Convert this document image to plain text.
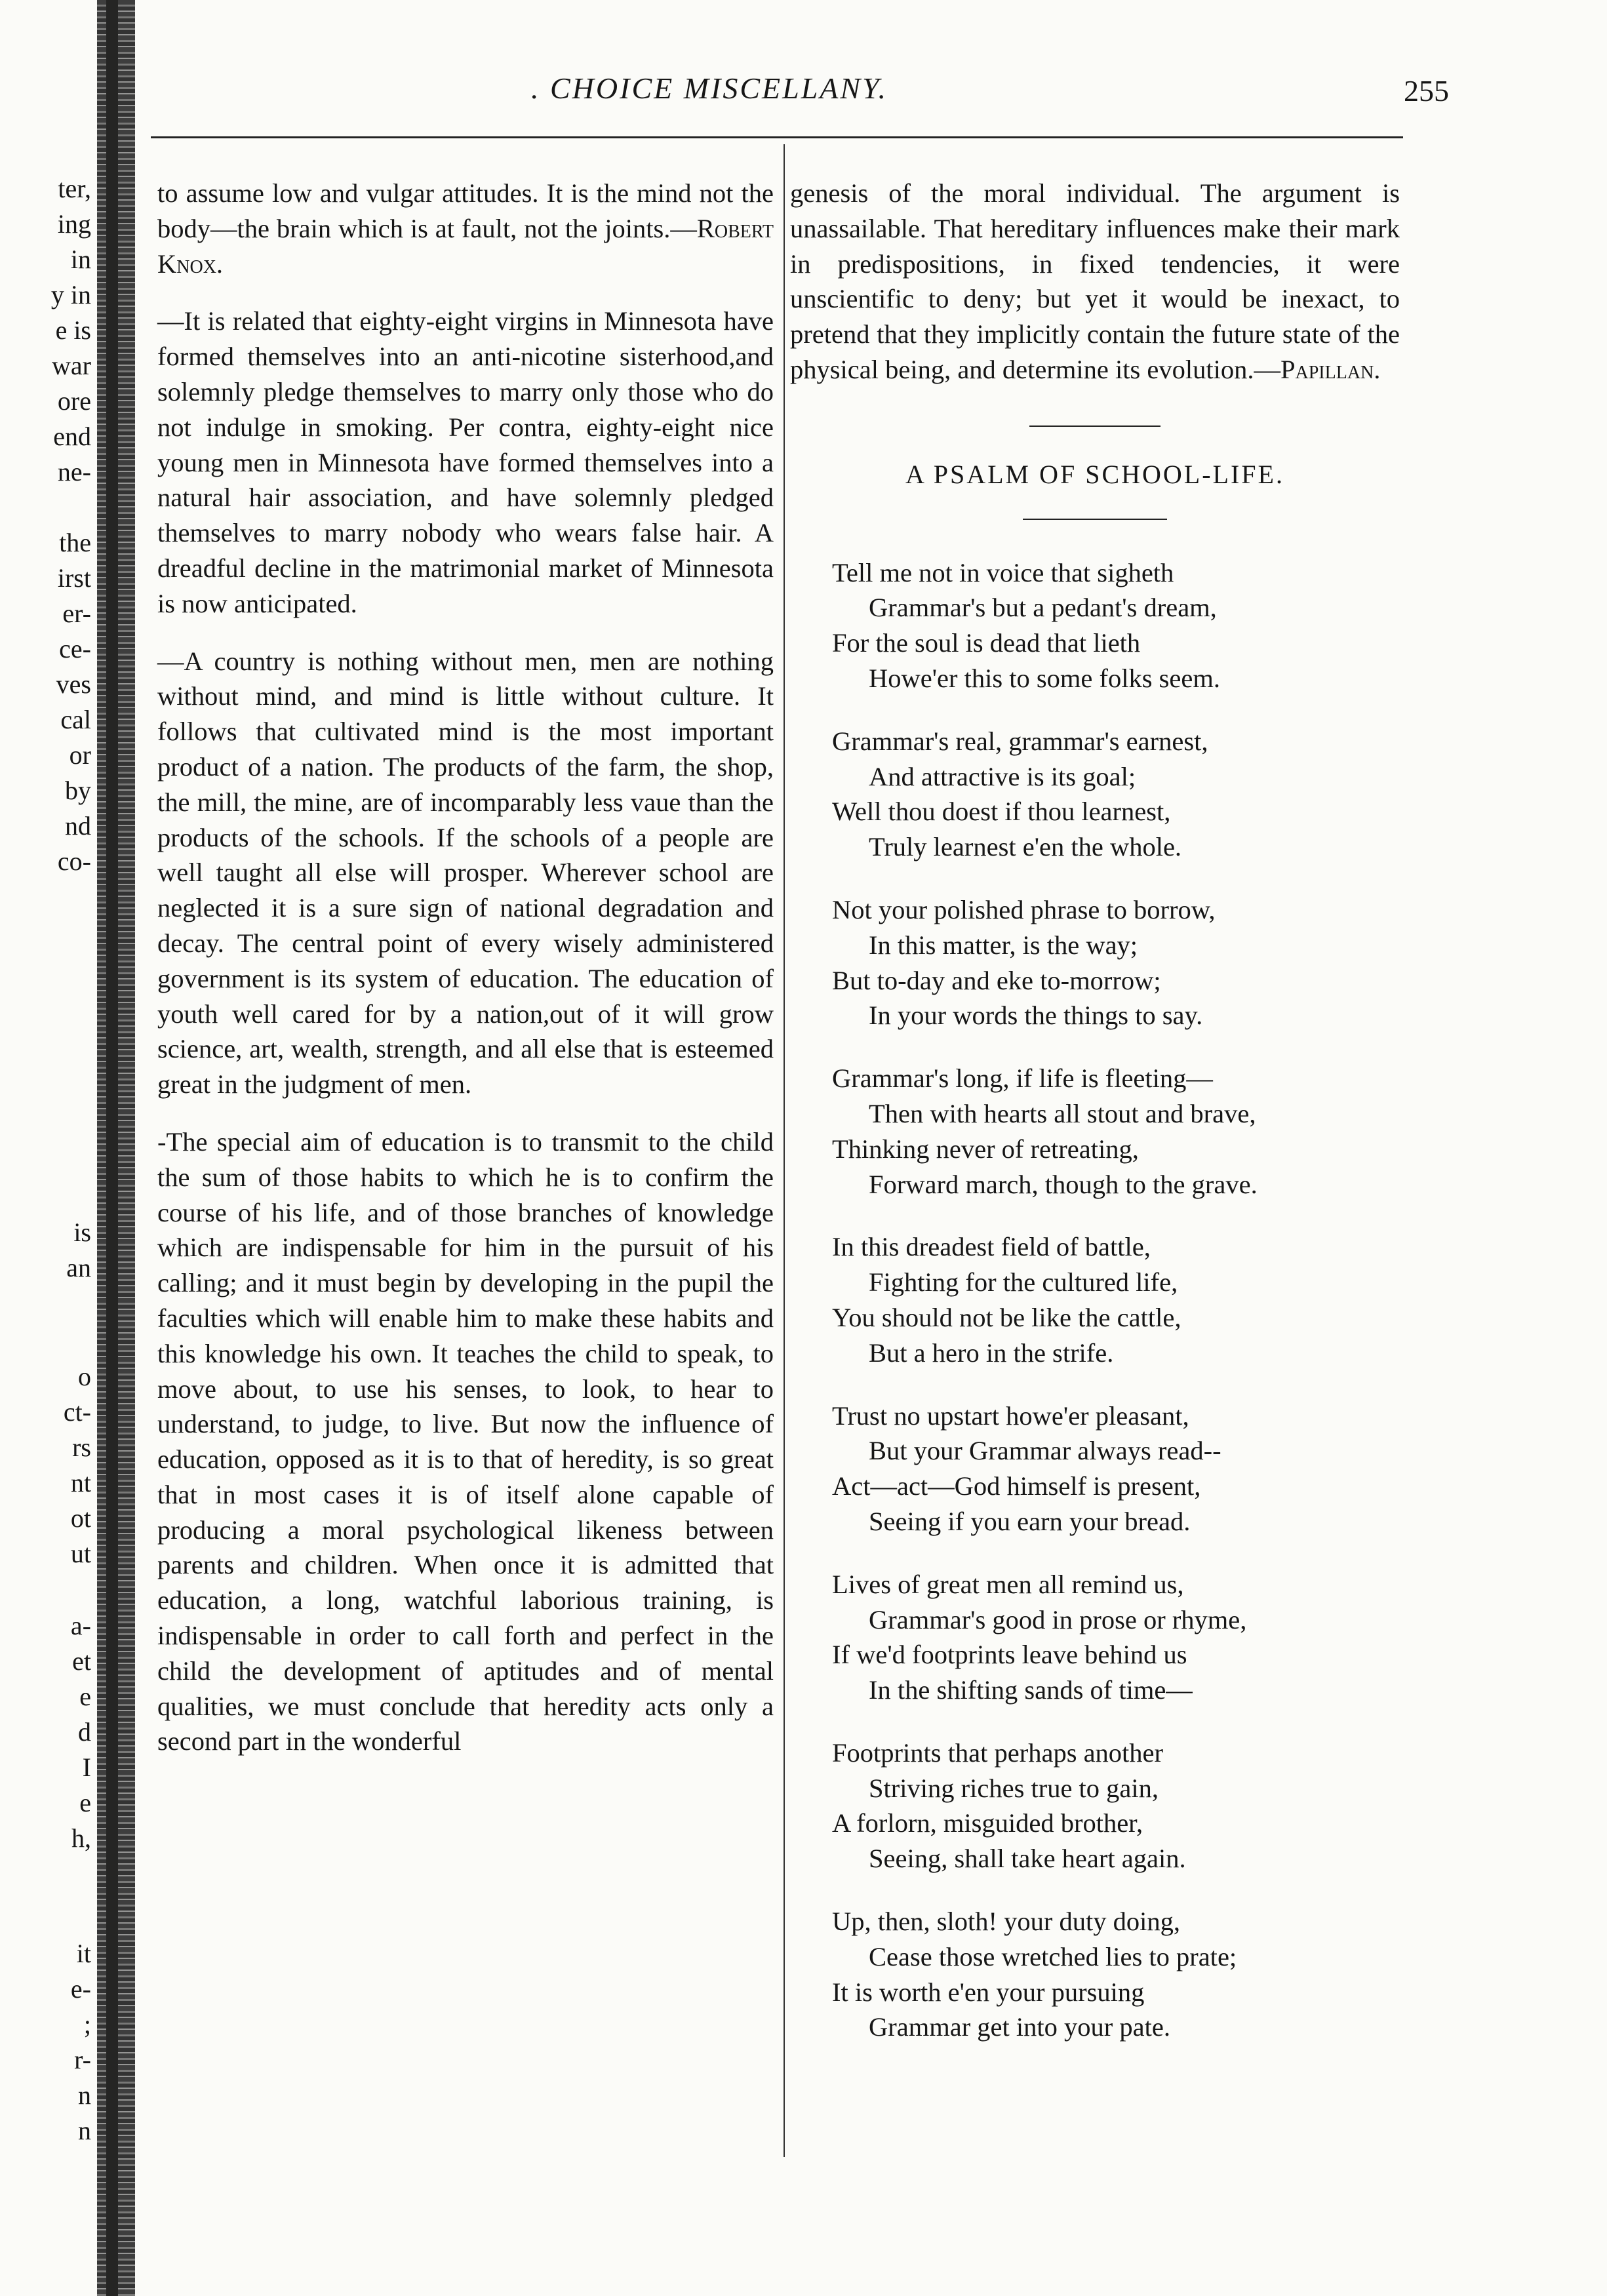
ter,
ing
in
y in
e is
war
ore
end
ne-
the
irst
er-
ce-
ves
cal
or
by
nd
co-
is
an
o
ct-
rs
nt
ot
ut
a-
et
e
d
I
e
h,
it
e-
;
r-
n
n
. CHOICE MISCELLANY.	255

to assume low and vulgar attitudes. It is the mind not the body—the brain which is at fault, not the joints.—Robert Knox.

—It is related that eighty-eight virgins in Minnesota have formed themselves into an anti-nicotine sisterhood,and solemnly pledge themselves to marry only those who do not indulge in smoking. Per contra, eighty-eight nice young men in Minnesota have formed themselves into a natural hair association, and have solemnly pledged themselves to marry nobody who wears false hair. A dreadful decline in the matrimonial market of Minnesota is now anticipated.

—A country is nothing without men, men are nothing without mind, and mind is little without culture. It follows that cultivated mind is the most important product of a nation. The products of the farm, the shop, the mill, the mine, are of incomparably less vaue than the products of the schools. If the schools of a people are well taught all else will prosper. Wherever school are neglected it is a sure sign of national degradation and decay. The central point of every wisely administered government is its system of education. The education of youth well cared for by a nation,out of it will grow science, art, wealth, strength, and all else that is esteemed great in the judgment of men.

-The special aim of education is to transmit to the child the sum of those habits to which he is to confirm the course of his life, and of those branches of knowledge which are indispensable for him in the pursuit of his calling; and it must begin by developing in the pupil the faculties which will enable him to make these habits and this knowledge his own. It teaches the child to speak, to move about, to use his senses, to look, to hear to understand, to judge, to live. But now the influence of education, opposed as it is to that of heredity, is so great that in most cases it is of itself alone capable of producing a moral psychological likeness between parents and children. When once it is admitted that education, a long, watchful laborious training, is indispensable in order to call forth and perfect in the child the development of aptitudes and of mental qualities, we must conclude that heredity acts only a second part in the wonderful

genesis of the moral individual. The argument is unassailable. That hereditary influences make their mark in predispositions, in fixed tendencies, it were unscientific to deny; but yet it would be inexact, to pretend that they implicitly contain the future state of the physical being, and determine its evolution.—Papillan.

A PSALM OF SCHOOL-LIFE.
Tell me not in voice that sigheth
Grammar's but a pedant's dream,
For the soul is dead that lieth
Howe'er this to some folks seem.
Grammar's real, grammar's earnest,
And attractive is its goal;
Well thou doest if thou learnest,
Truly learnest e'en the whole.
Not your polished phrase to borrow,
In this matter, is the way;
But to-day and eke to-morrow;
In your words the things to say.
Grammar's long, if life is fleeting—
Then with hearts all stout and brave,
Thinking never of retreating,
Forward march, though to the grave.
In this dreadest field of battle,
Fighting for the cultured life,
You should not be like the cattle,
But a hero in the strife.
Trust no upstart howe'er pleasant,
But your Grammar always read--
Act—act—God himself is present,
Seeing if you earn your bread.
Lives of great men all remind us,
Grammar's good in prose or rhyme,
If we'd footprints leave behind us
In the shifting sands of time—
Footprints that perhaps another
Striving riches true to gain,
A forlorn, misguided brother,
Seeing, shall take heart again.
Up, then, sloth! your duty doing,
Cease those wretched lies to prate;
It is worth e'en your pursuing
Grammar get into your pate.
